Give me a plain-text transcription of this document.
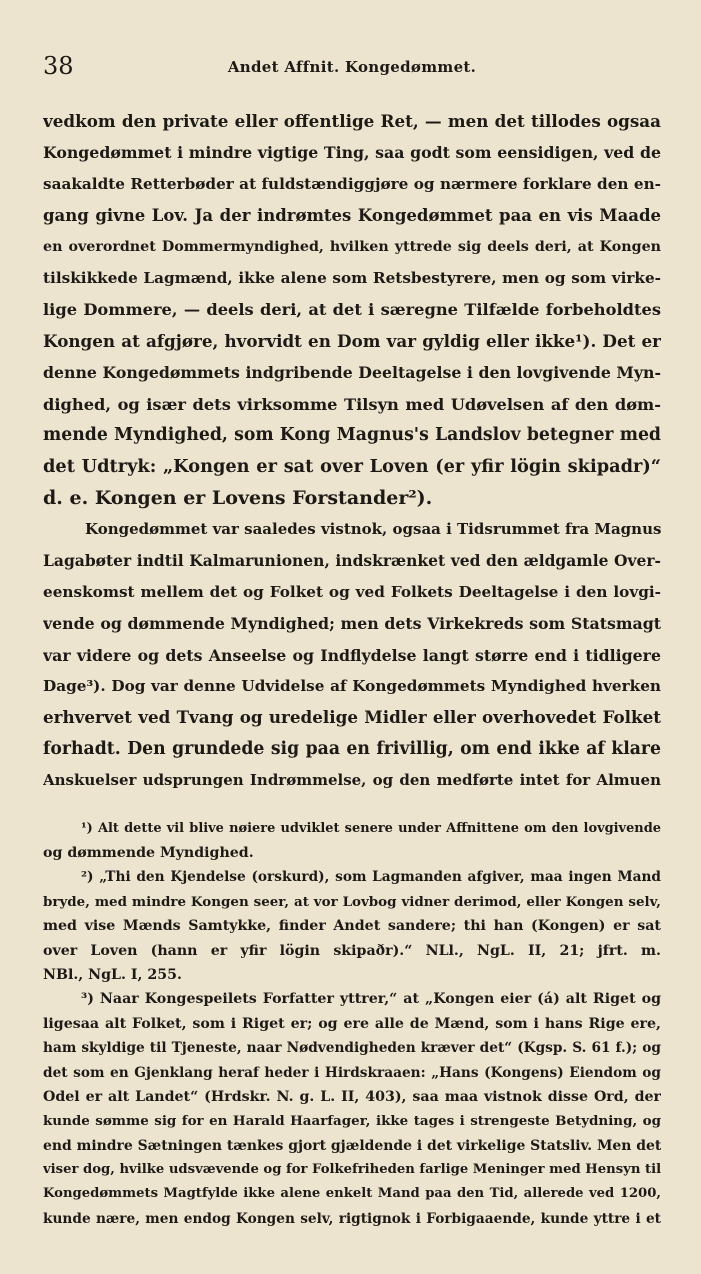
38	Andet Affnit. Kongedømmet.
vedkom den private eller offentlige Ret, — men det tillodes ogsaa
Kongedømmet i mindre vigtige Ting, saa godt som eensidigen, ved de
saakaldte Retterbøder at fuldstændiggjøre og nærmere forklare den en-
gang givne Lov. Ja der indrømtes Kongedømmet paa en vis Maade
en overordnet Dommermyndighed, hvilken yttrede sig deels deri, at Kongen
tilskikkede Lagmænd, ikke alene som Retsbestyrere, men og som virke-
lige Dommere, — deels deri, at det i særegne Tilfælde forbeholdtes
Kongen at afgjøre, hvorvidt en Dom var gyldig eller ikke¹). Det er
denne Kongedømmets indgribende Deeltagelse i den lovgivende Myn-
dighed, og især dets virksomme Tilsyn med Udøvelsen af den døm-
mende Myndighed, som Kong Magnus's Landslov betegner med
det Udtryk: „Kongen er sat over Loven (er yfir lögin skipadr)“
d. e. Kongen er Lovens Forstander²).
Kongedømmet var saaledes vistnok, ogsaa i Tidsrummet fra Magnus
Lagabøter indtil Kalmarunionen, indskrænket ved den ældgamle Over-
eenskomst mellem det og Folket og ved Folkets Deeltagelse i den lovgi-
vende og dømmende Myndighed; men dets Virkekreds som Statsmagt
var videre og dets Anseelse og Indflydelse langt større end i tidligere
Dage³). Dog var denne Udvidelse af Kongedømmets Myndighed hverken
erhvervet ved Tvang og uredelige Midler eller overhovedet Folket
forhadt. Den grundede sig paa en frivillig, om end ikke af klare
Anskuelser udsprungen Indrømmelse, og den medførte intet for Almuen
¹) Alt dette vil blive nøiere udviklet senere under Affnittene om den lovgivende
og dømmende Myndighed.
²) „Thi den Kjendelse (orskurd), som Lagmanden afgiver, maa ingen Mand
bryde, med mindre Kongen seer, at vor Lovbog vidner derimod, eller Kongen selv,
med vise Mænds Samtykke, finder Andet sandere; thi han (Kongen) er sat
over Loven (hann er yfir lögin skipaðr).“ NLl., NgL. II, 21; jfrt. m.
NBl., NgL. I, 255.
³) Naar Kongespeilets Forfatter yttrer,“ at „Kongen eier (á) alt Riget og
ligesaa alt Folket, som i Riget er; og ere alle de Mænd, som i hans Rige ere,
ham skyldige til Tjeneste, naar Nødvendigheden kræver det“ (Kgsp. S. 61 f.); og
det som en Gjenklang heraf heder i Hirdskraaen: „Hans (Kongens) Eiendom og
Odel er alt Landet“ (Hrdskr. N. g. L. II, 403), saa maa vistnok disse Ord, der
kunde sømme sig for en Harald Haarfager, ikke tages i strengeste Betydning, og
end mindre Sætningen tænkes gjort gjældende i det virkelige Statsliv. Men det
viser dog, hvilke udsvævende og for Folkefriheden farlige Meninger med Hensyn til
Kongedømmets Magtfylde ikke alene enkelt Mand paa den Tid, allerede ved 1200,
kunde nære, men endog Kongen selv, rigtignok i Forbigaaende, kunde yttre i et
